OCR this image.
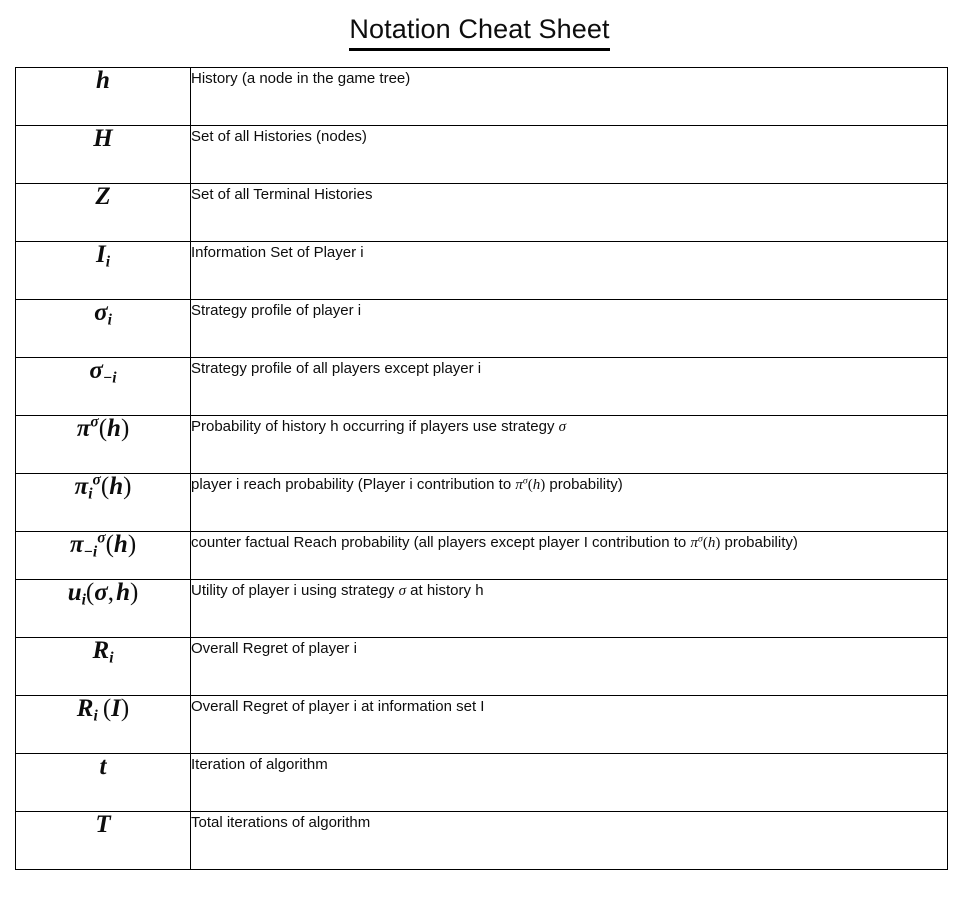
Notation Cheat Sheet
h	History (a node in the game tree)

H	Set of all Histories (nodes)

Z	Set of all Terminal Histories

$I_i$	Information Set of Player i

$\sigma_i$	Strategy profile of player i

$\sigma_{-i}$	Strategy profile of all players except player i

$\pi^\sigma(h)$	Probability of history h occurring if players use strategy σ

$\pi_i^\sigma(h)$	player i reach probability (Player i contribution to $\pi^\sigma(h)$ probability)

$\pi_{-i}^\sigma(h)$	counter factual Reach probability (all players except player I contribution to $\pi^\sigma(h)$ probability)

$u_i(\sigma$, h)	Utility of player i using strategy σ at history h

$R_i$	Overall Regret of player i

$R_i$  (I)	Overall Regret of player i at information set I

t	Iteration of algorithm

T	Total iterations of algorithm
